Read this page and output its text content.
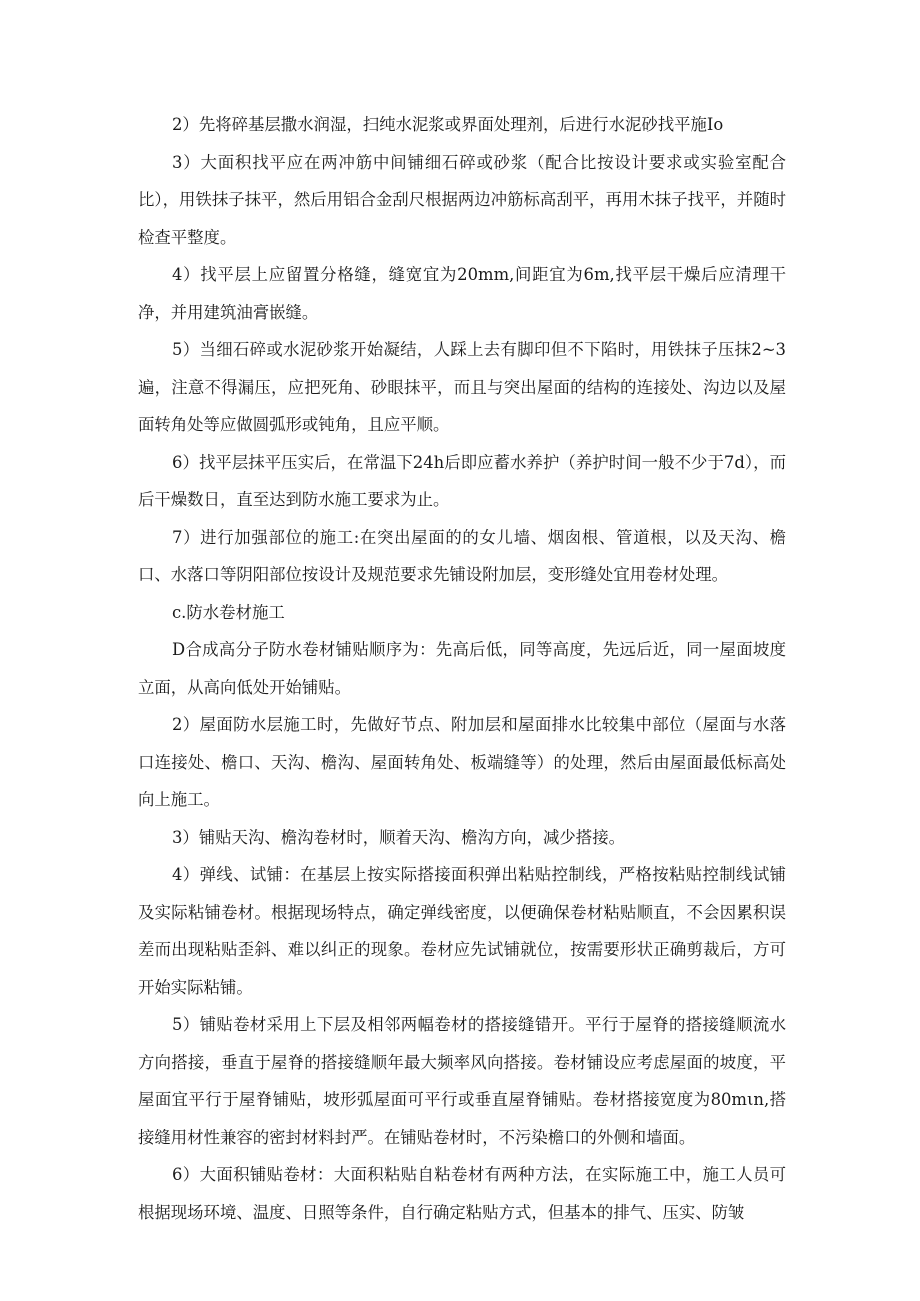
2）先将碎基层撒水润湿，扫纯水泥浆或界面处理剂，后进行水泥砂找平施Io

3）大面积找平应在两冲筋中间铺细石碎或砂浆（配合比按设计要求或实验室配合比），用铁抹子抹平，然后用铝合金刮尺根据两边冲筋标高刮平，再用木抹子找平，并随时检查平整度。

4）找平层上应留置分格缝，缝宽宜为20mm,间距宜为6m,找平层干燥后应清理干净，并用建筑油膏嵌缝。

5）当细石碎或水泥砂浆开始凝结，人踩上去有脚印但不下陷时，用铁抹子压抹2~3遍，注意不得漏压，应把死角、砂眼抹平，而且与突出屋面的结构的连接处、沟边以及屋面转角处等应做圆弧形或钝角，且应平顺。

6）找平层抹平压实后，在常温下24h后即应蓄水养护（养护时间一般不少于7d），而后干燥数日，直至达到防水施工要求为止。

7）进行加强部位的施工:在突出屋面的的女儿墙、烟囱根、管道根，以及天沟、檐口、水落口等阴阳部位按设计及规范要求先铺设附加层，变形缝处宜用卷材处理。

c.防水卷材施工

D合成高分子防水卷材铺贴顺序为：先高后低，同等高度，先远后近，同一屋面坡度立面，从高向低处开始铺贴。

2）屋面防水层施工时，先做好节点、附加层和屋面排水比较集中部位（屋面与水落口连接处、檐口、天沟、檐沟、屋面转角处、板端缝等）的处理，然后由屋面最低标高处向上施工。

3）铺贴天沟、檐沟卷材时，顺着天沟、檐沟方向，减少搭接。

4）弹线、试铺：在基层上按实际搭接面积弹出粘贴控制线，严格按粘贴控制线试铺及实际粘铺卷材。根据现场特点，确定弹线密度，以便确保卷材粘贴顺直，不会因累积误差而出现粘贴歪斜、难以纠正的现象。卷材应先试铺就位，按需要形状正确剪裁后，方可开始实际粘铺。

5）铺贴卷材采用上下层及相邻两幅卷材的搭接缝错开。平行于屋脊的搭接缝顺流水方向搭接，垂直于屋脊的搭接缝顺年最大频率风向搭接。卷材铺设应考虑屋面的坡度，平屋面宜平行于屋脊铺贴，坡形弧屋面可平行或垂直屋脊铺贴。卷材搭接宽度为80mιn,搭接缝用材性兼容的密封材料封严。在铺贴卷材时，不污染檐口的外侧和墙面。

6）大面积铺贴卷材：大面积粘贴自粘卷材有两种方法，在实际施工中，施工人员可根据现场环境、温度、日照等条件，自行确定粘贴方式，但基本的排气、压实、防皱
